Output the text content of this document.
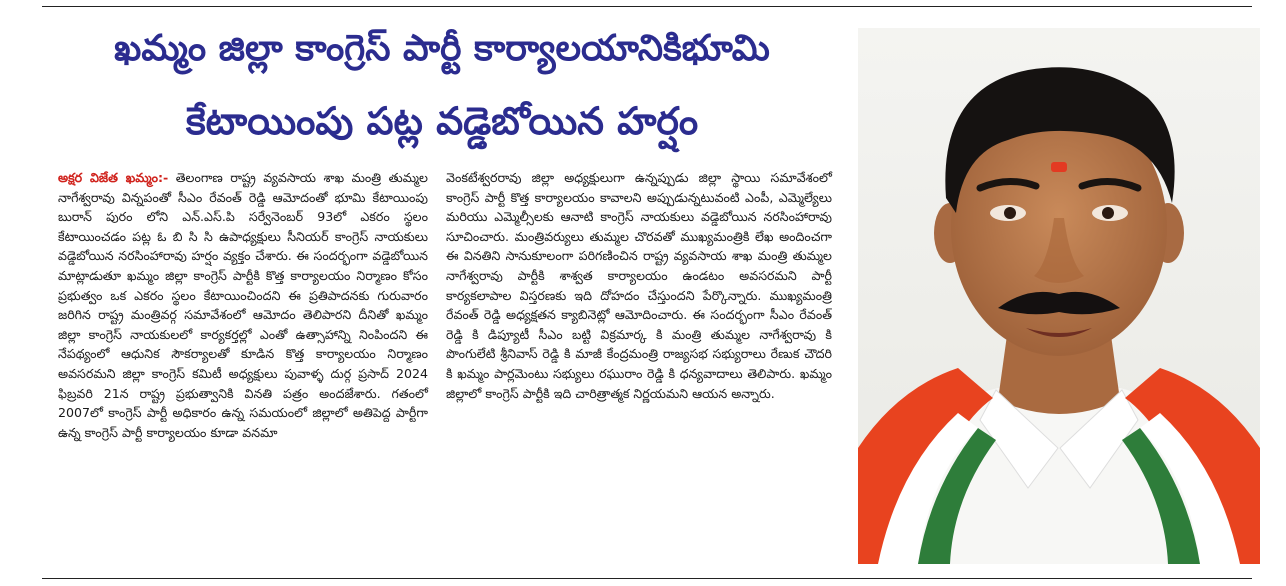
ఖమ్మం జిల్లా కాంగ్రెస్ పార్టీ కార్యాలయానికిభూమి
కేటాయింపు పట్ల వడ్డెబోయిన హర్షం
అక్షర విజేత ఖమ్మం:- తెలంగాణ రాష్ట్ర వ్యవసాయ శాఖ మంత్రి తుమ్మల నాగేశ్వరావు విన్నపంతో సీఎం రేవంత్ రెడ్డి ఆమోదంతో భూమి కేటాయింపు బురాన్ పురం లోని ఎన్.ఎస్.పి సర్వేనెంబర్ 93లో ఎకరం స్థలం కేటాయించడం పట్ల ఓ బి సి సి ఉపాధ్యక్షులు సీనియర్ కాంగ్రెస్ నాయకులు వడ్డెబోయిన నరసింహారావు హర్షం వ్యక్తం చేశారు. ఈ సందర్భంగా వడ్డెబోయిన మాట్లాడుతూ ఖమ్మం జిల్లా కాంగ్రెస్ పార్టీకి కొత్త కార్యాలయం నిర్మాణం కోసం ప్రభుత్వం ఒక ఎకరం స్థలం కేటాయించిందని ఈ ప్రతిపాదనకు గురువారం జరిగిన రాష్ట్ర మంత్రివర్గ సమావేశంలో ఆమోదం తెలిపారని దీనితో ఖమ్మం జిల్లా కాంగ్రెస్ నాయకులలో కార్యకర్తల్లో ఎంతో ఉత్సాహాన్ని నింపిందని ఈ నేపథ్యంలో ఆధునిక సౌకర్యాలతో కూడిన కొత్త కార్యాలయం నిర్మాణం అవసరమని జిల్లా కాంగ్రెస్ కమిటీ అధ్యక్షులు పువాళ్ళ దుర్గ ప్రసాద్ 2024 ఫిబ్రవరి 21న రాష్ట్ర ప్రభుత్వానికి వినతి పత్రం అందజేశారు. గతంలో 2007లో కాంగ్రెస్ పార్టీ అధికారం ఉన్న సమయంలో జిల్లాలో అతిపెద్ద పార్టీగా ఉన్న కాంగ్రెస్ పార్టీ కార్యాలయం కూడా వనమా
వెంకటేశ్వరరావు జిల్లా అధ్యక్షులుగా ఉన్నప్పుడు జిల్లా స్థాయి సమావేశంలో కాంగ్రెస్ పార్టీ కొత్త కార్యాలయం కావాలని అప్పుడున్నటువంటి ఎంపీ, ఎమ్మెల్యేలు మరియు ఎమ్మెల్సీలకు ఆనాటి కాంగ్రెస్ నాయకులు వడ్డెబోయిన నరసింహారావు సూచించారు. మంత్రివర్యులు తుమ్మల చొరవతో ముఖ్యమంత్రికి లేఖ అందించగా ఈ వినతిని సానుకూలంగా పరిగణించిన రాష్ట్ర వ్యవసాయ శాఖ మంత్రి తుమ్మల నాగేశ్వరావు పార్టీకి శాశ్వత కార్యాలయం ఉండటం అవసరమని పార్టీ కార్యకలాపాల విస్తరణకు ఇది దోహదం చేస్తుందని పేర్కొన్నారు. ముఖ్యమంత్రి రేవంత్ రెడ్డి అధ్యక్షతన క్యాబినెట్లో ఆమోదించారు. ఈ సందర్భంగా సీఎం రేవంత్ రెడ్డి కి డిప్యూటీ సీఎం బట్టి విక్రమార్క కి మంత్రి తుమ్మల నాగేశ్వరావు కి పొంగులేటి శ్రీనివాస్ రెడ్డి కి మాజీ కేంద్రమంత్రి రాజ్యసభ సభ్యురాలు రేణుక చౌదరి కి ఖమ్మం పార్లమెంటు సభ్యులు రఘురాం రెడ్డి కి ధన్యవాదాలు తెలిపారు. ఖమ్మం జిల్లాలో కాంగ్రెస్ పార్టీకి ఇది చారిత్రాత్మక నిర్ణయమని ఆయన అన్నారు.
